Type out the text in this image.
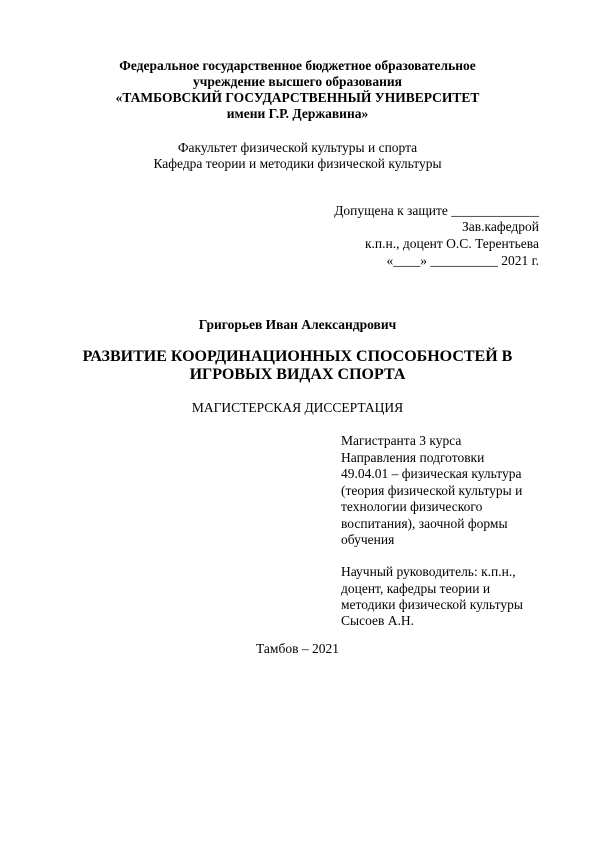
Федеральное государственное бюджетное образовательное
учреждение высшего образования
«ТАМБОВСКИЙ ГОСУДАРСТВЕННЫЙ УНИВЕРСИТЕТ
имени Г.Р. Державина»
Факультет физической культуры и спорта
Кафедра теории и методики физической культуры
Допущена к защите _____________
Зав.кафедрой
к.п.н., доцент О.С. Терентьева
«____» __________ 2021 г.
Григорьев Иван Александрович
РАЗВИТИЕ КООРДИНАЦИОННЫХ СПОСОБНОСТЕЙ В
ИГРОВЫХ ВИДАХ СПОРТА
МАГИСТЕРСКАЯ ДИССЕРТАЦИЯ
Магистранта 3 курса
Направления подготовки
49.04.01 – физическая культура
(теория физической культуры и
технологии физического
воспитания), заочной формы
обучения
Научный руководитель: к.п.н.,
доцент, кафедры теории и
методики физической культуры
Сысоев А.Н.
Тамбов – 2021
